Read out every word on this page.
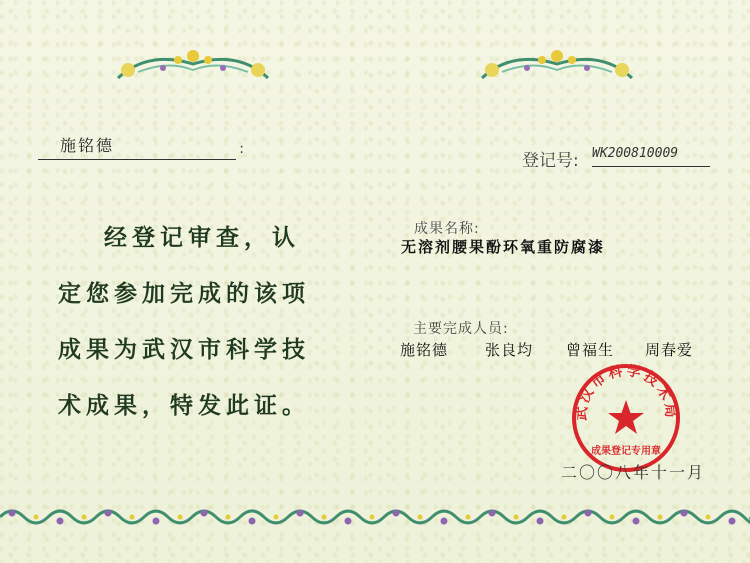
施铭德	:
登记号: WK200810009
经登记审查，认
定您参加完成的该项
成果为武汉市科学技
术成果，特发此证。
成果名称:
无溶剂腰果酚环氧重防腐漆
主要完成人员:
施铭德 张良均 曾福生 周春爱
武汉市科学技术局
成果登记专用章
二〇〇八年十一月
